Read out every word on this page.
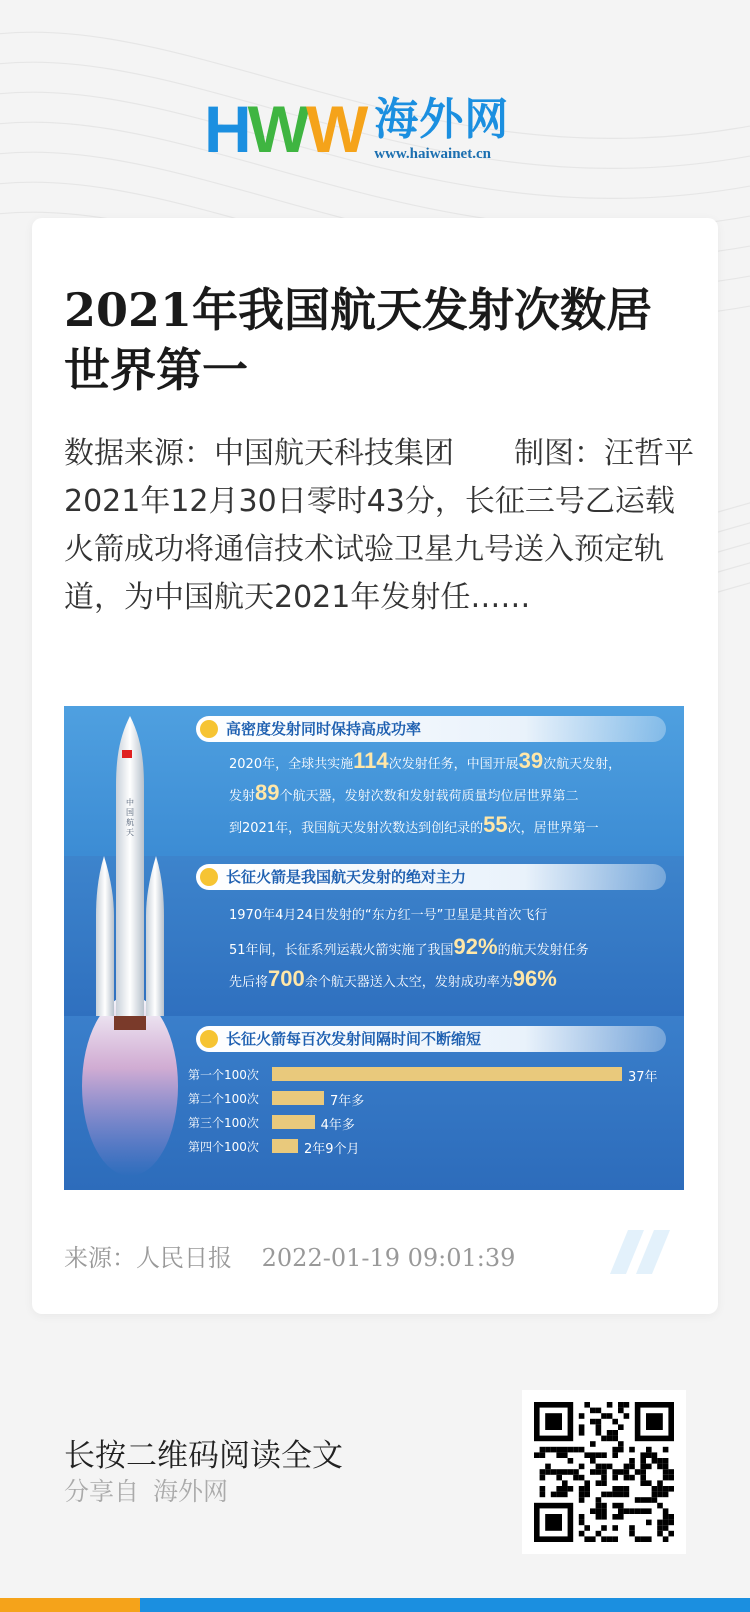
HWW 海外网
www.haiwainet.cn
2021年我国航天发射次数居世界第一

数据来源：中国航天科技集团　　制图：汪哲平2021年12月30日零时43分，长征三号乙运载火箭成功将通信技术试验卫星九号送入预定轨道，为中国航天2021年发射任……

中国航天
高密度发射同时保持高成功率
2020年，全球共实施114次发射任务，中国开展39次航天发射，
发射89个航天器，发射次数和发射载荷质量均位居世界第二
到2021年，我国航天发射次数达到创纪录的55次，居世界第一
长征火箭是我国航天发射的绝对主力
1970年4月24日发射的“东方红一号”卫星是其首次飞行
51年间，长征系列运载火箭实施了我国92%的航天发射任务
先后将700余个航天器送入太空，发射成功率为96%
长征火箭每百次发射间隔时间不断缩短
第一个100次	37年
第二个100次	7年多
第三个100次	4年多
第四个100次	2年9个月
来源：人民日报 2022-01-19 09:01:39
长按二维码阅读全文
分享自 海外网
